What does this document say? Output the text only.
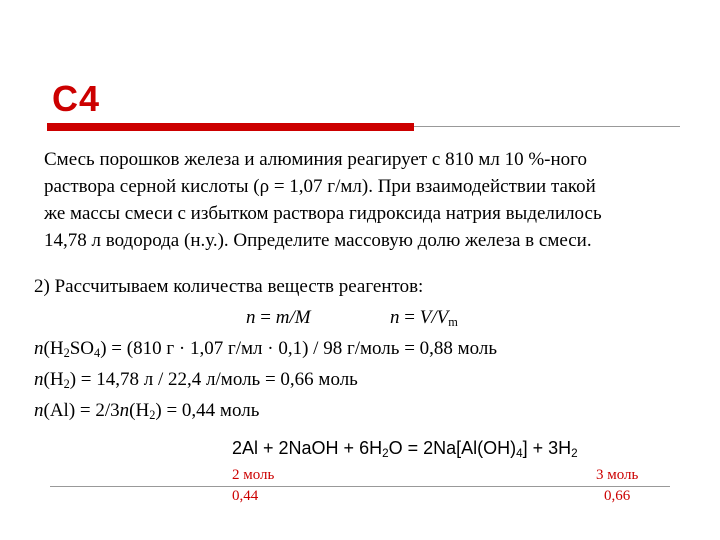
С4
Смесь порошков железа и алюминия реагирует с 810 мл 10 %-ного
раствора серной кислоты (ρ = 1,07 г/мл). При взаимодействии такой
же массы смеси с избытком раствора гидроксида натрия выделилось
14,78 л водорода (н.у.). Определите массовую долю железа в смеси.
2) Рассчитываем количества веществ реагентов:
n = m/M	$n = V/V_m$
$n(H_2SO_4) = (810$ г · 1,07 г/мл · 0,1) / 98 г/моль = 0,88 моль
$n(H_2) = 14,78$ л / 22,4 л/моль = 0,66 моль
$n(Al) = 2/3n(H_2) = 0,44$ моль
2Al + 2NaOH + $6H_2O = 2Na[Al(OH)_4] + 3H_2$
2 моль	3 моль
0,44	0,66
